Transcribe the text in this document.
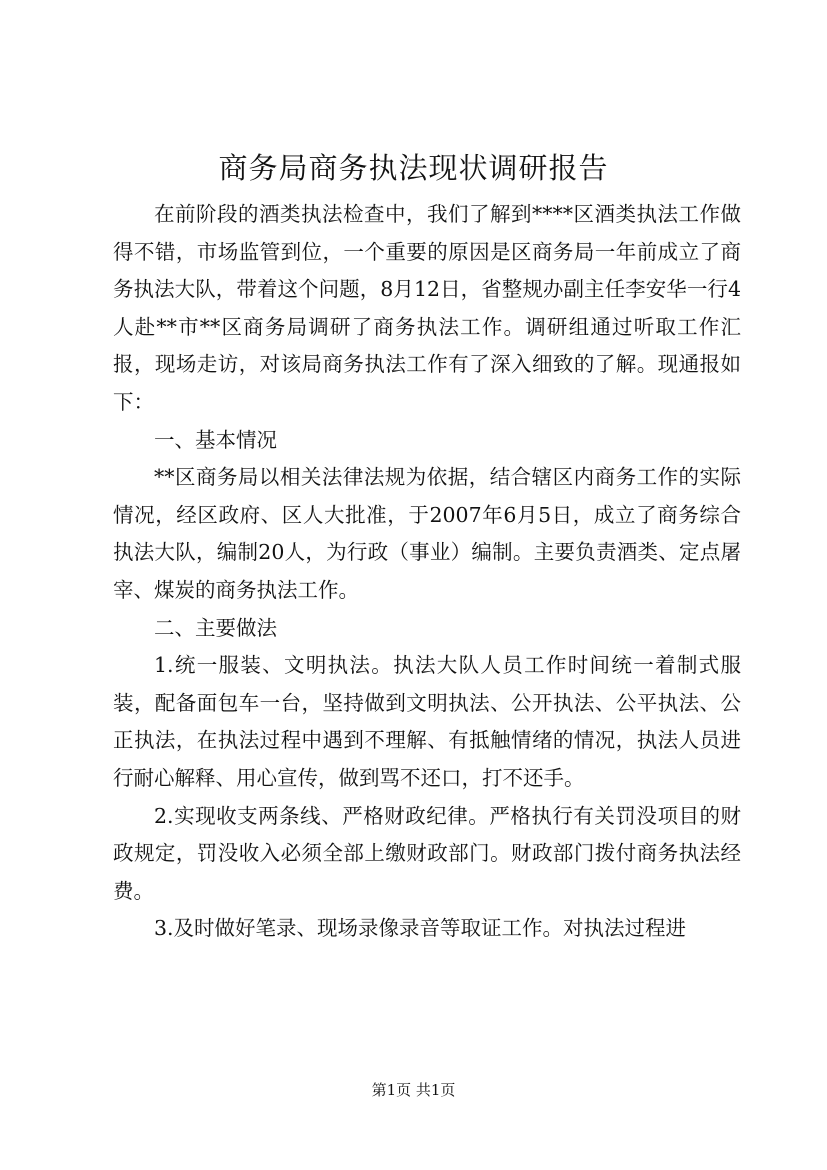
商务局商务执法现状调研报告

在前阶段的酒类执法检查中，我们了解到****区酒类执法工作做得不错，市场监管到位，一个重要的原因是区商务局一年前成立了商务执法大队，带着这个问题，8月12日，省整规办副主任李安华一行4人赴**市**区商务局调研了商务执法工作。调研组通过听取工作汇报，现场走访，对该局商务执法工作有了深入细致的了解。现通报如下：

一、基本情况

**区商务局以相关法律法规为依据，结合辖区内商务工作的实际情况，经区政府、区人大批准，于2007年6月5日，成立了商务综合执法大队，编制20人，为行政（事业）编制。主要负责酒类、定点屠宰、煤炭的商务执法工作。

二、主要做法

1.统一服装、文明执法。执法大队人员工作时间统一着制式服装，配备面包车一台，坚持做到文明执法、公开执法、公平执法、公正执法，在执法过程中遇到不理解、有抵触情绪的情况，执法人员进行耐心解释、用心宣传，做到骂不还口，打不还手。

2.实现收支两条线、严格财政纪律。严格执行有关罚没项目的财政规定，罚没收入必须全部上缴财政部门。财政部门拨付商务执法经费。

3.及时做好笔录、现场录像录音等取证工作。对执法过程进

第1页 共1页
